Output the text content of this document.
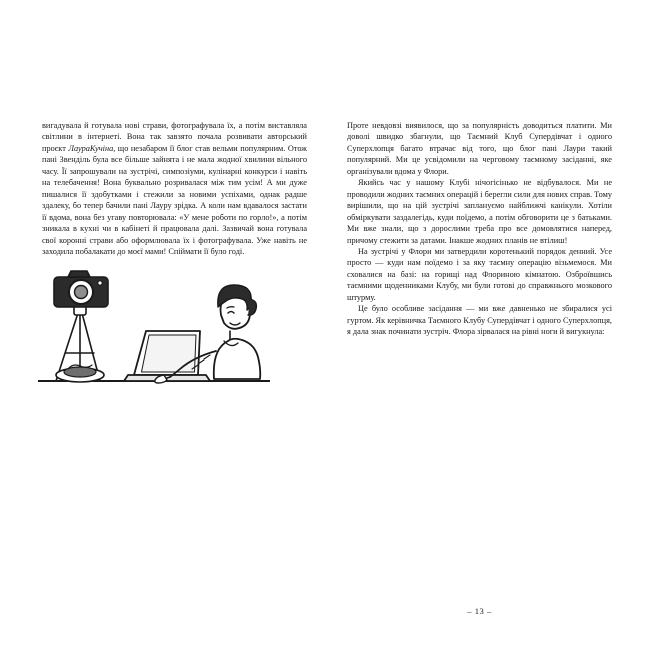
вигадувала й готувала нові страви, фотографувала їх, а потім виставляла світлини в інтернеті. Вона так завзято почала розвивати авторський проєкт ЛаураКучіна, що незабаром її блог став вельми популярним. Отож пані Звенділь була все більше зайнята і не мала жодної хвилини вільного часу. Її запрошували на зустрічі, симпозіуми, кулінарні конкурси і навіть на телебачення! Вона буквально розривалася між тим усім! А ми дуже пишалися її здобутками і стежили за новими успіхами, однак радше здалеку, бо тепер бачили пані Лауру зрідка. А коли нам вдавалося застати її вдома, вона без угаву повторювала: «У мене роботи по горло!», а потім зникала в кухні чи в кабінеті й працювала далі. Зазвичай вона готувала свої коронні страви або оформлювала їх і фотографувала. Уже навіть не заходила побалакати до моєї мами! Спіймати її було годі.

Проте невдовзі виявилося, що за популярність доводиться платити. Ми доволі швидко збагнули, що Таємний Клуб Супердівчат і одного Суперхлопця багато втрачає від того, що блог пані Лаури такий популярний. Ми це усвідомили на черговому таємному засіданні, яке організували вдома у Флори.

Якийсь час у нашому Клубі нічогісінько не відбувалося. Ми не проводили жодних таємних операцій і берегли сили для нових справ. Тому вирішили, що на цій зустрічі заплануємо найближчі канікули. Хотіли обміркувати заздалегідь, куди поїдемо, а потім обговорити це з батьками. Ми вже знали, що з дорослими треба про все домовлятися наперед, причому стежити за датами. Інакше жодних планів не втілиш!

На зустрічі у Флори ми затвердили коротенький порядок денний. Усе просто — куди нам поїдемо і за яку таємну операцію візьмемося. Ми сховалися на базі: на горищі над Флориною кімнатою. Озброївшись таємними щоденниками Клубу, ми були готові до справжнього мозкового штурму.

Це було особливе засідання — ми вже давненько не збиралися усі гуртом. Як керівничка Таємного Клубу Супердівчат і одного Суперхлопця, я дала знак починати зустріч. Флора зірвалася на рівні ноги й вигукнула:

– 13 –
